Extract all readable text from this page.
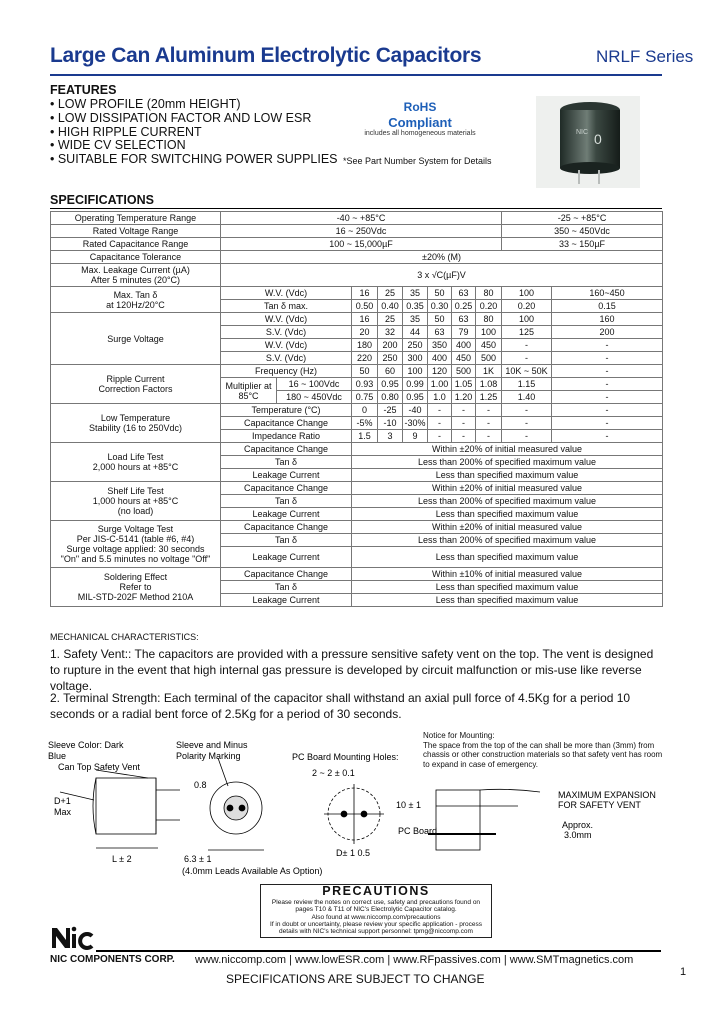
Large Can Aluminum Electrolytic Capacitors	NRLF Series
FEATURES
• LOW PROFILE (20mm HEIGHT)
• LOW DISSIPATION FACTOR AND LOW ESR
• HIGH RIPPLE CURRENT
• WIDE CV SELECTION
• SUITABLE FOR SWITCHING POWER SUPPLIES
RoHS
Compliant
includes all homogeneous materials
*See Part Number System for Details
NIC 0
SPECIFICATIONS
Operating Temperature Range	-40 ~ +85°C								-25 ~ +85°C	
Rated Voltage Range	16 ~ 250Vdc								350 ~ 450Vdc	
Rated Capacitance Range	100 ~ 15,000µF								33 ~ 150µF	
Capacitance Tolerance	±20% (M)									

Max. Leakage Current (µA)
After 5 minutes (20°C)	3 x √C(µF)V									

Max. Tan δ
at 120Hz/20°C	W.V. (Vdc)		16	25	35	50	63	80	100	160~450
	Tan δ max.		0.50	0.40	0.35	0.30	0.25	0.20	0.20	0.15
Surge Voltage	W.V. (Vdc)		16	25	35	50	63	80	100	160
	S.V. (Vdc)		20	32	44	63	79	100	125	200
	W.V. (Vdc)		180	200	250	350	400	450	-	-
	S.V. (Vdc)		220	250	300	400	450	500	-	-

Ripple Current
Correction Factors	Frequency (Hz)		50	60	100	120	500	1K	10K ~ 50K	-

	Multiplier at
85°C	16 ~ 100Vdc	0.93	0.95	0.99	1.00	1.05	1.08	1.15	-
		180 ~ 450Vdc	0.75	0.80	0.95	1.0	1.20	1.25	1.40	-

Low Temperature
Stability (16 to 250Vdc)	Temperature (°C)		0	-25	-40	-	-	-	-	-
	Capacitance Change		-5%	-10	-30%	-	-	-	-	-
	Impedance Ratio		1.5	3	9	-	-	-	-	-

Load Life Test
2,000 hours at +85°C	Capacitance Change		Within ±20% of initial measured value							
	Tan δ		Less than 200% of specified maximum value							
	Leakage Current		Less than specified maximum value							

Shelf Life Test
1,000 hours at +85°C
(no load)	Capacitance Change		Within ±20% of initial measured value							
	Tan δ		Less than 200% of specified maximum value							
	Leakage Current		Less than specified maximum value							

Surge Voltage Test
Per JIS-C-5141 (table #6, #4)
Surge voltage applied: 30 seconds
"On" and 5.5 minutes no voltage "Off"	Capacitance Change		Within ±20% of initial measured value							
	Tan δ		Less than 200% of specified maximum value							
	Leakage Current		Less than specified maximum value							

Soldering Effect
Refer to
MIL-STD-202F Method 210A	Capacitance Change		Within ±10% of initial measured value							
	Tan δ		Less than specified maximum value							
	Leakage Current		Less than specified maximum value							
MECHANICAL CHARACTERISTICS:
1. Safety Vent:: The capacitors are provided with a pressure sensitive safety vent on the top. The vent is designed to rupture in the event that high internal gas pressure is developed by circuit malfunction or mis-use like reverse voltage.
2. Terminal Strength: Each terminal of the capacitor shall withstand an axial pull force of 4.5Kg for a period 10 seconds or a radial bent force of 2.5Kg for a period of 30 seconds.
Sleeve Color: Dark
Blue
Can Top Safety Vent
D+1
Max
L ± 2
Sleeve and Minus
Polarity Marking
0.8
6.3 ± 1
(4.0mm Leads Available As Option)
PC Board Mounting Holes:
2 ~ 2 ± 0.1
10 ± 1
D± 1 0.5
PC Board
MAXIMUM EXPANSION
FOR SAFETY VENT
Approx.
3.0mm
Notice for Mounting:
The space from the top of the can shall be more than (3mm) from chassis or other construction materials so that safety vent has room to expand in case of emergency.
PRECAUTIONS
Please review the notes on correct use, safety and precautions found on
pages T10 & T11 of NIC's Electrolytic Capacitor catalog.
Also found at www.niccomp.com/precautions
If in doubt or uncertainty, please review your specific application - process
details with NIC's technical support personnel: tpmg@niccomp.com
NIC COMPONENTS CORP. www.niccomp.com | www.lowESR.com | www.RFpassives.com | www.SMTmagnetics.com
SPECIFICATIONS ARE SUBJECT TO CHANGE	1
